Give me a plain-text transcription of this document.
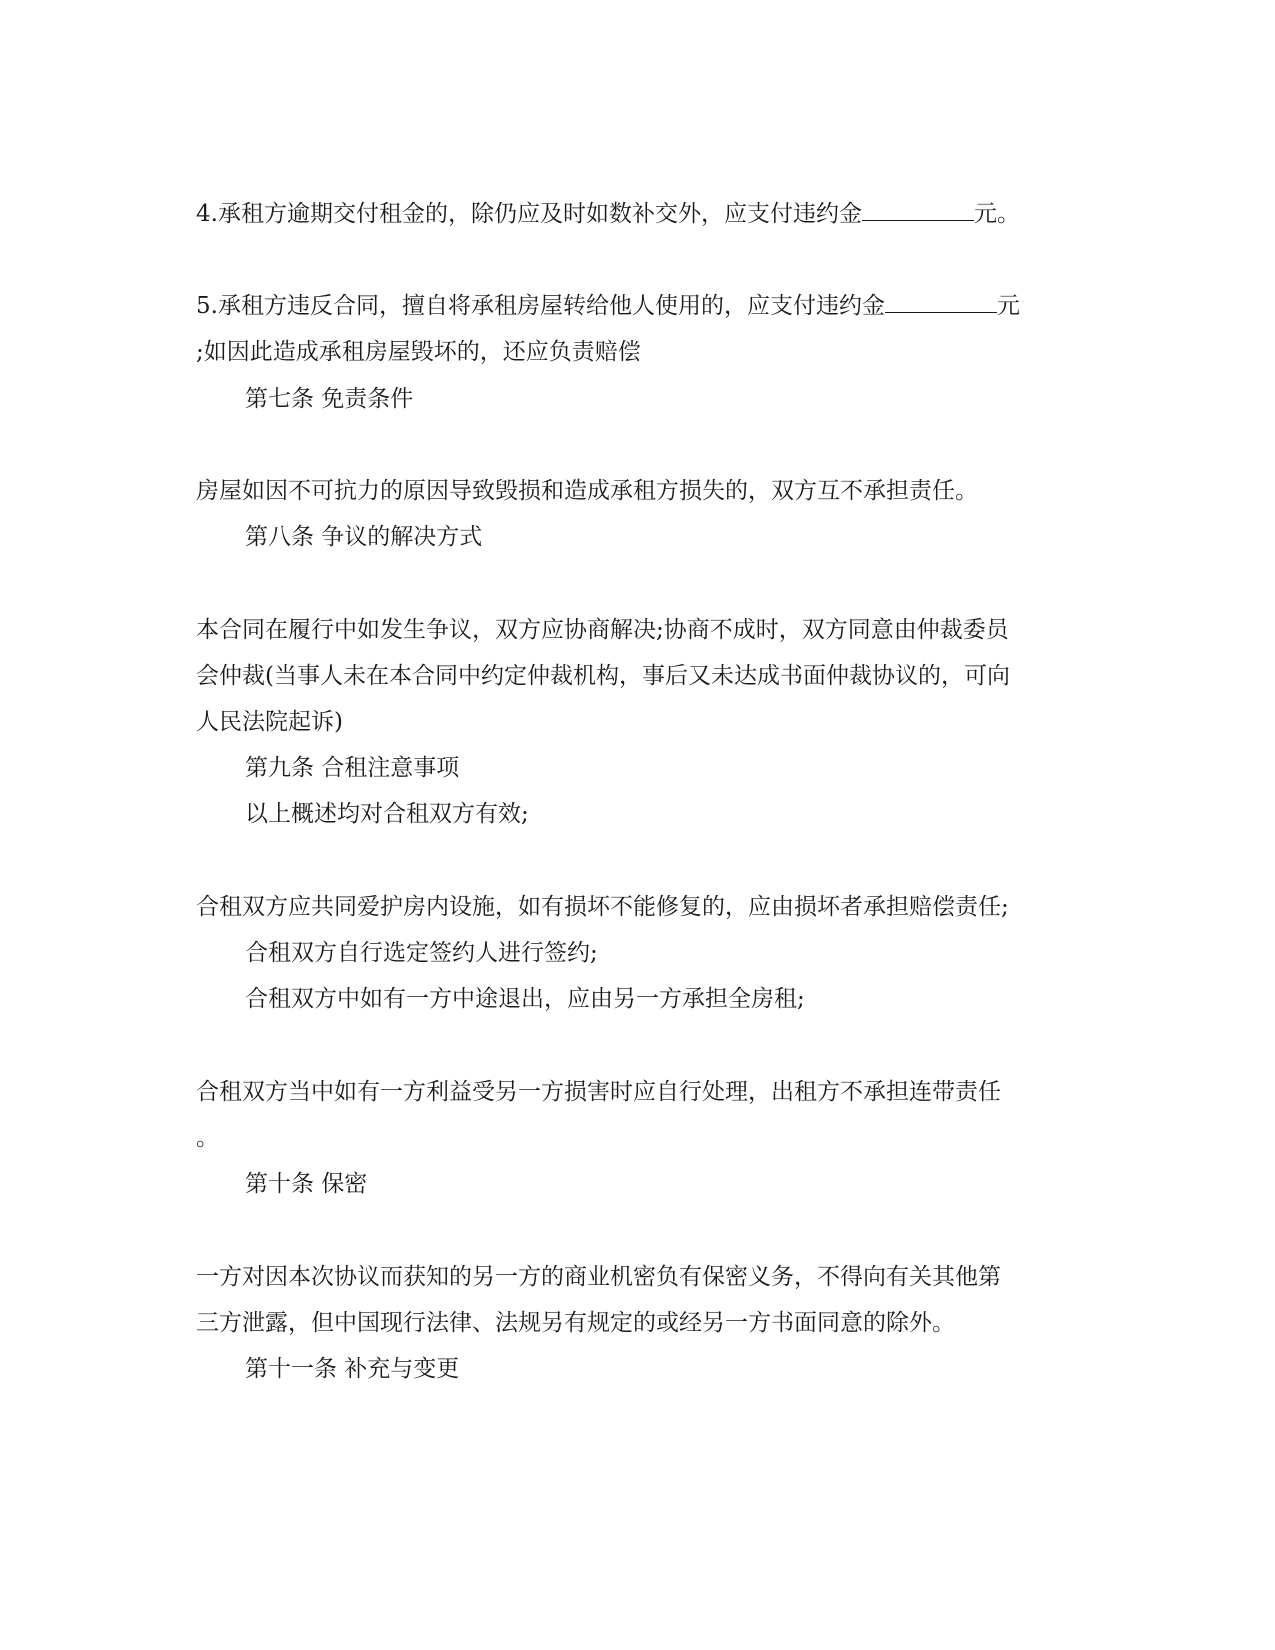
4.承租方逾期交付租金的，除仍应及时如数补交外，应支付违约金	元。
5.承租方违反合同，擅自将承租房屋转给他人使用的，应支付违约金	元
;如因此造成承租房屋毁坏的，还应负责赔偿
第七条 免责条件
房屋如因不可抗力的原因导致毁损和造成承租方损失的，双方互不承担责任。
第八条 争议的解决方式
本合同在履行中如发生争议，双方应协商解决;协商不成时，双方同意由仲裁委员
会仲裁(当事人未在本合同中约定仲裁机构，事后又未达成书面仲裁协议的，可向
人民法院起诉)
第九条 合租注意事项
以上概述均对合租双方有效;
合租双方应共同爱护房内设施，如有损坏不能修复的，应由损坏者承担赔偿责任;
合租双方自行选定签约人进行签约;
合租双方中如有一方中途退出，应由另一方承担全房租;
合租双方当中如有一方利益受另一方损害时应自行处理，出租方不承担连带责任
。
第十条 保密
一方对因本次协议而获知的另一方的商业机密负有保密义务，不得向有关其他第
三方泄露，但中国现行法律、法规另有规定的或经另一方书面同意的除外。
第十一条 补充与变更
